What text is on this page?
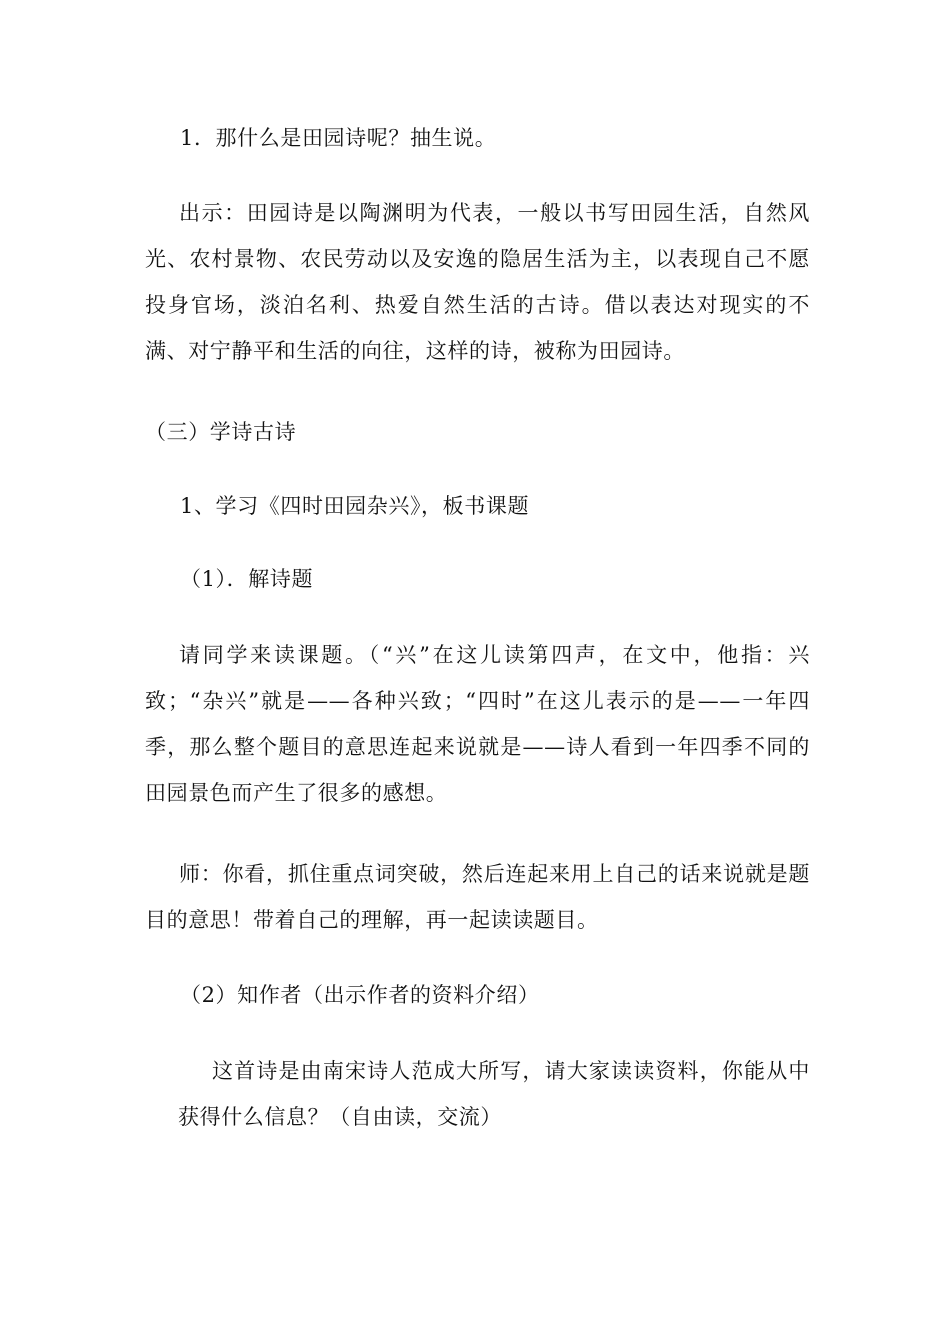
1．那什么是田园诗呢？抽生说。

出示：田园诗是以陶渊明为代表，一般以书写田园生活，自然风光、农村景物、农民劳动以及安逸的隐居生活为主，以表现自己不愿投身官场，淡泊名利、热爱自然生活的古诗。借以表达对现实的不满、对宁静平和生活的向往，这样的诗，被称为田园诗。

（三）学诗古诗

1、学习《四时田园杂兴》，板书课题

（1）．解诗题

请同学来读课题。（“兴”在这儿读第四声，在文中，他指：兴致；“杂兴”就是——各种兴致；“四时”在这儿表示的是——一年四季，那么整个题目的意思连起来说就是——诗人看到一年四季不同的田园景色而产生了很多的感想。

师：你看，抓住重点词突破，然后连起来用上自己的话来说就是题目的意思！带着自己的理解，再一起读读题目。

（2）知作者（出示作者的资料介绍）

这首诗是由南宋诗人范成大所写，请大家读读资料，你能从中获得什么信息？（自由读，交流）
